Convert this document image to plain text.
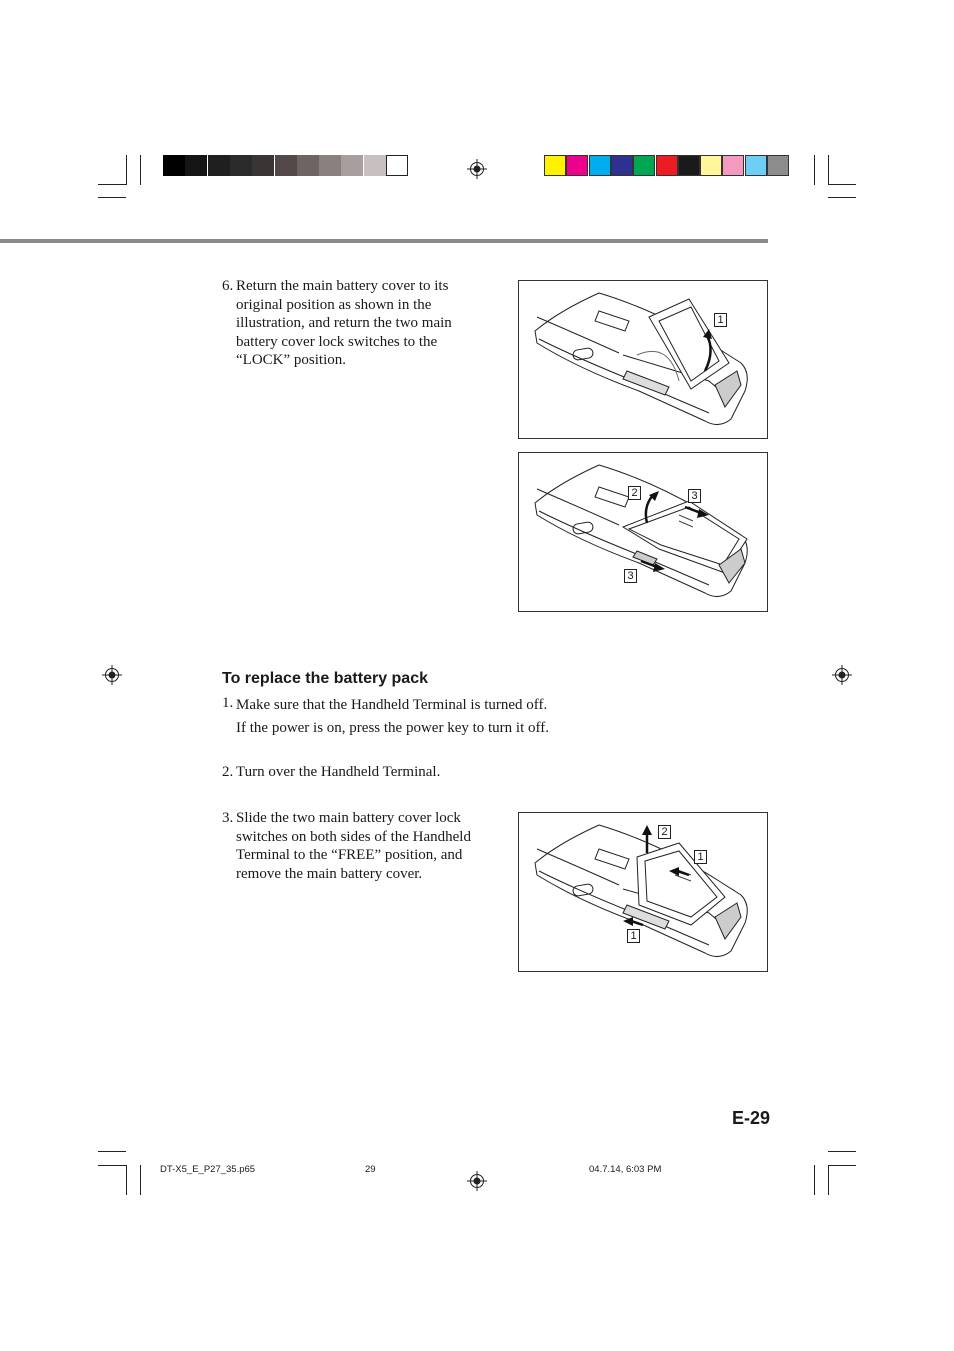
6. Return the main battery cover to its
original position as shown in the
illustration, and return the two main
battery cover lock switches to the
“LOCK” position.
1
2	3
3
To replace the battery pack
1. Make sure that the Handheld Terminal is turned off.
If the power is on, press the power key to turn it off.
2. Turn over the Handheld Terminal.
3. Slide the two main battery cover lock
switches on both sides of the Handheld
Terminal to the “FREE” position, and
remove the main battery cover.
2
1
1
E-29
DT-X5_E_P27_35.p65	29	04.7.14, 6:03 PM
